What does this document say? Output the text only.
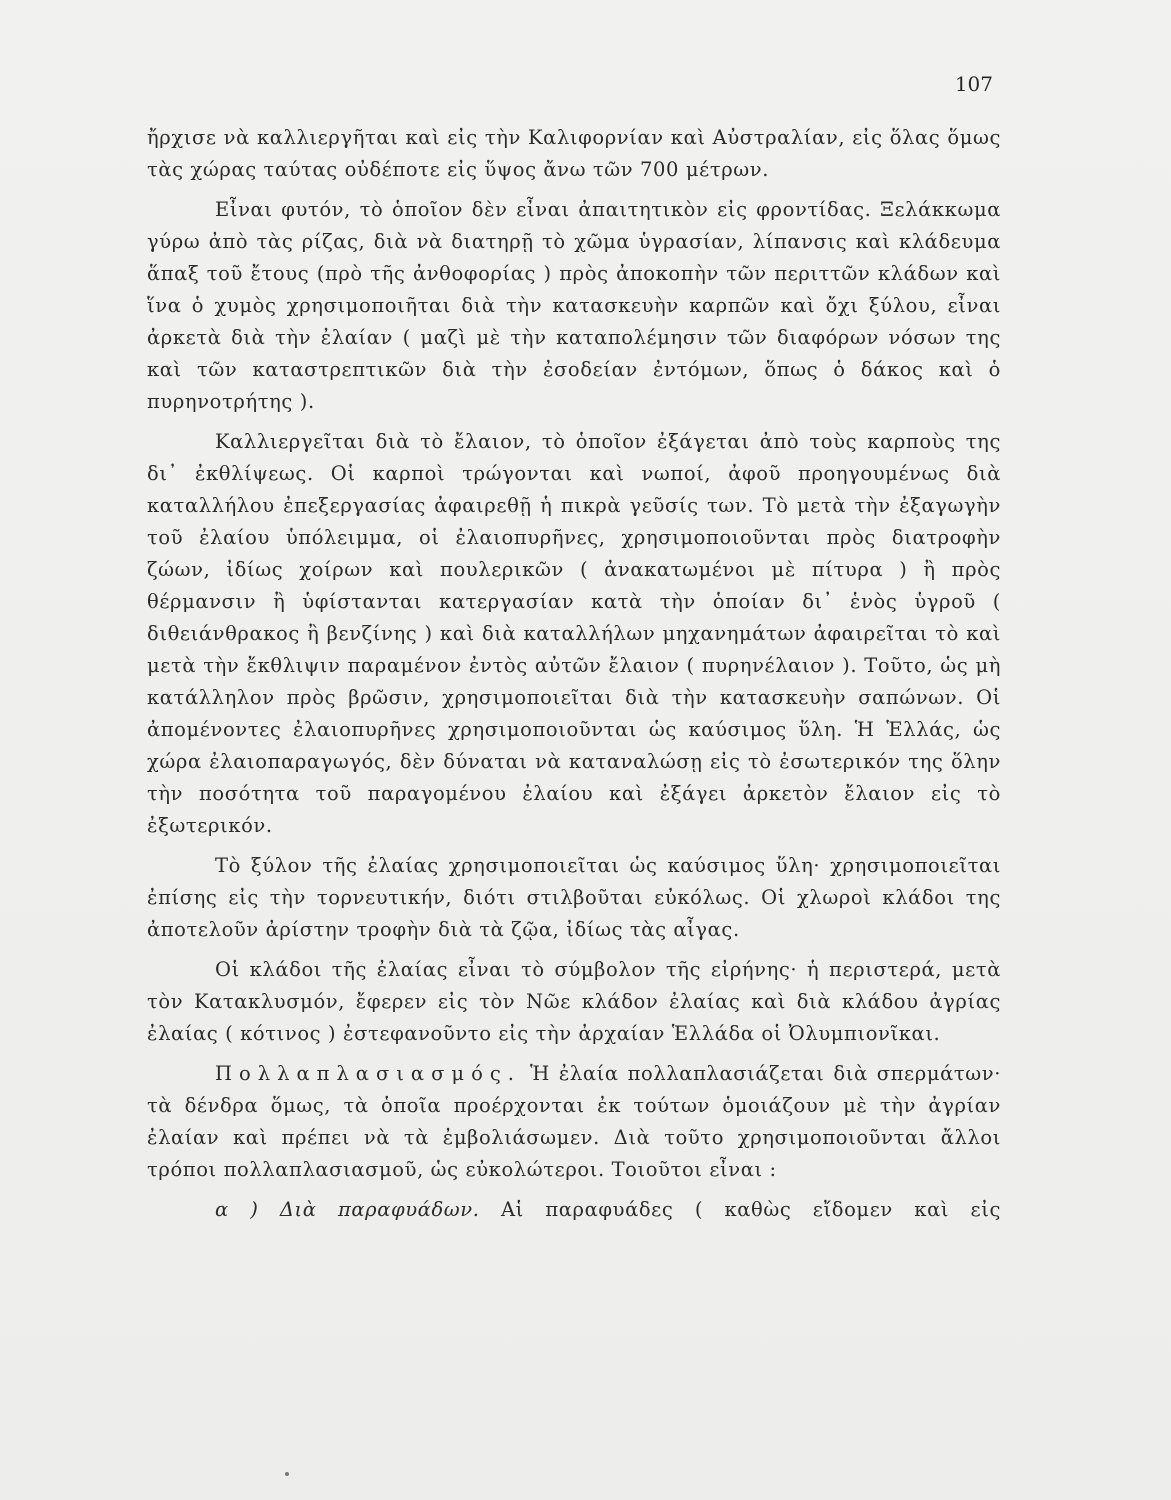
107

ἤρχισε νὰ καλλιεργῆται καὶ εἰς τὴν Καλιφορνίαν καὶ Αὐστραλίαν, εἰς ὅλας ὅμως τὰς χώρας ταύτας οὐδέποτε εἰς ὕψος ἄνω τῶν 700 μέτρων.

Εἶναι φυτόν, τὸ ὁποῖον δὲν εἶναι ἀπαιτητικὸν εἰς φροντίδας. Ξελάκκωμα γύρω ἀπὸ τὰς ρίζας, διὰ νὰ διατηρῇ τὸ χῶμα ὑγρασίαν, λίπανσις καὶ κλάδευμα ἅπαξ τοῦ ἔτους (πρὸ τῆς ἀνθοφορίας ) πρὸς ἀποκοπὴν τῶν περιττῶν κλάδων καὶ ἵνα ὁ χυμὸς χρησιμοποιῆται διὰ τὴν κατασκευὴν καρπῶν καὶ ὄχι ξύλου, εἶναι ἀρκετὰ διὰ τὴν ἐλαίαν ( μαζὶ μὲ τὴν καταπολέμησιν τῶν διαφόρων νόσων της καὶ τῶν καταστρεπτικῶν διὰ τὴν ἐσοδείαν ἐντόμων, ὅπως ὁ δάκος καὶ ὁ πυρηνοτρήτης ).

Καλλιεργεῖται διὰ τὸ ἔλαιον, τὸ ὁποῖον ἐξάγεται ἀπὸ τοὺς καρποὺς της δι᾽ ἐκθλίψεως. Οἱ καρποὶ τρώγονται καὶ νωποί, ἀφοῦ προηγουμένως διὰ καταλλήλου ἐπεξεργασίας ἀφαιρεθῇ ἡ πικρὰ γεῦσίς των. Τὸ μετὰ τὴν ἐξαγωγὴν τοῦ ἐλαίου ὑπόλειμμα, οἱ ἐλαιοπυρῆνες, χρησιμοποιοῦνται πρὸς διατροφὴν ζώων, ἰδίως χοίρων καὶ πουλερικῶν ( ἀνακατωμένοι μὲ πίτυρα ) ἢ πρὸς θέρμανσιν ἢ ὑφίστανται κατεργασίαν κατὰ τὴν ὁποίαν δι᾽ ἑνὸς ὑγροῦ ( διθειάνθρακος ἢ βενζίνης ) καὶ διὰ καταλλήλων μηχανημάτων ἀφαιρεῖται τὸ καὶ μετὰ τὴν ἔκθλιψιν παραμένον ἐντὸς αὐτῶν ἔλαιον ( πυρηνέλαιον ). Τοῦτο, ὡς μὴ κατάλληλον πρὸς βρῶσιν, χρησιμοποιεῖται διὰ τὴν κατασκευὴν σαπώνων. Οἱ ἀπομένοντες ἐλαιοπυρῆνες χρησιμοποιοῦνται ὡς καύσιμος ὕλη. Ἡ Ἑλλάς, ὡς χώρα ἐλαιοπαραγωγός, δὲν δύναται νὰ καταναλώσῃ εἰς τὸ ἐσωτερικόν της ὅλην τὴν ποσότητα τοῦ παραγομένου ἐλαίου καὶ ἐξάγει ἀρκετὸν ἔλαιον εἰς τὸ ἐξωτερικόν.

Τὸ ξύλον τῆς ἐλαίας χρησιμοποιεῖται ὡς καύσιμος ὕλη· χρησιμοποιεῖται ἐπίσης εἰς τὴν τορνευτικήν, διότι στιλβοῦται εὐκόλως. Οἱ χλωροὶ κλάδοι της ἀποτελοῦν ἀρίστην τροφὴν διὰ τὰ ζῷα, ἰδίως τὰς αἶγας.

Οἱ κλάδοι τῆς ἐλαίας εἶναι τὸ σύμβολον τῆς εἰρήνης· ἡ περιστερά, μετὰ τὸν Κατακλυσμόν, ἔφερεν εἰς τὸν Νῶε κλάδον ἐλαίας καὶ διὰ κλάδου ἀγρίας ἐλαίας ( κότινος ) ἐστεφανοῦντο εἰς τὴν ἀρχαίαν Ἑλλάδα οἱ Ὀλυμπιονῖκαι.

Πολλαπλασιασμός. Ἡ ἐλαία πολλαπλασιάζεται διὰ σπερμάτων· τὰ δένδρα ὅμως, τὰ ὁποῖα προέρχονται ἐκ τούτων ὁμοιάζουν μὲ τὴν ἀγρίαν ἐλαίαν καὶ πρέπει νὰ τὰ ἐμβολιάσωμεν. Διὰ τοῦτο χρησιμοποιοῦνται ἄλλοι τρόποι πολλαπλασιασμοῦ, ὡς εὐκολώτεροι. Τοιοῦτοι εἶναι :

α ) Διὰ παραφυάδων. Αἱ παραφυάδες ( καθὼς εἴδομεν καὶ εἰς
